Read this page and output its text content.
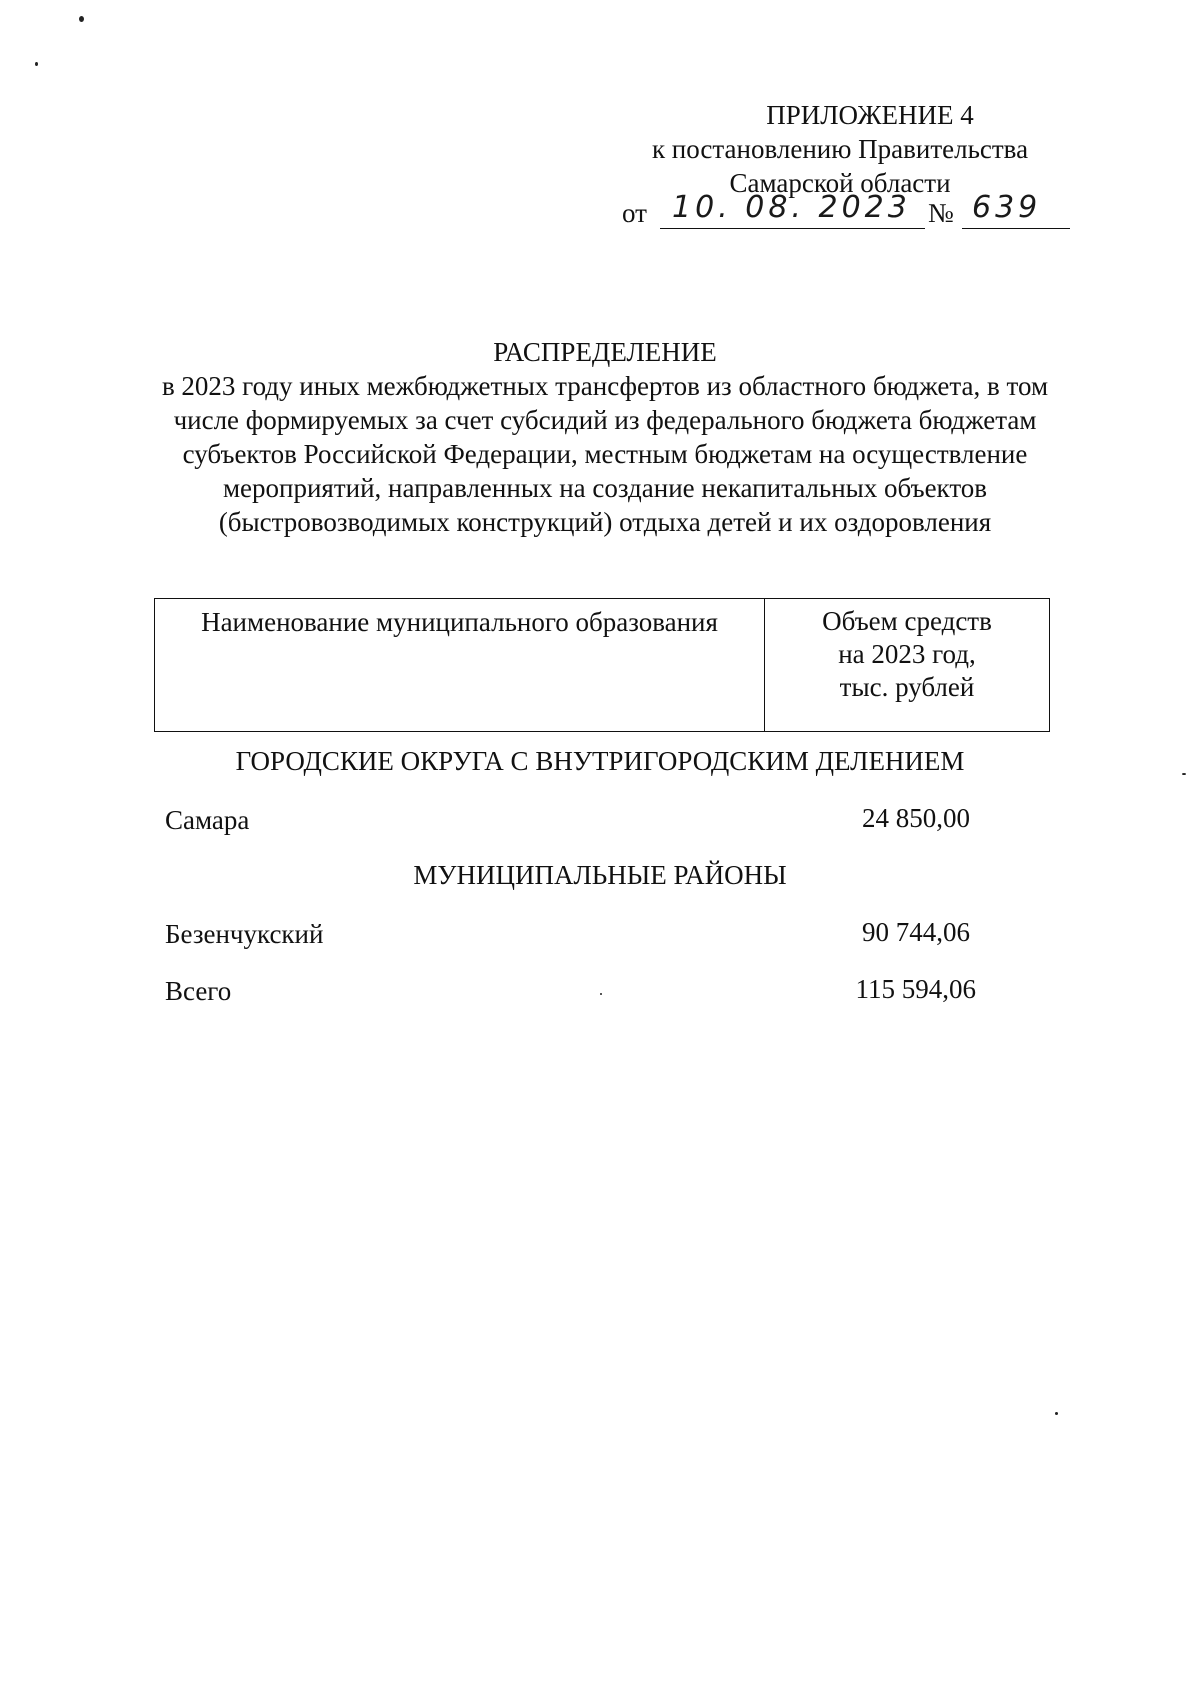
ПРИЛОЖЕНИЕ 4
к постановлению Правительства
Самарской области
от 10. 08. 2023 № 639
РАСПРЕДЕЛЕНИЕ
в 2023 году иных межбюджетных трансфертов из областного бюджета, в том числе формируемых за счет субсидий из федерального бюджета бюджетам субъектов Российской Федерации, местным бюджетам на осуществление мероприятий, направленных на создание некапитальных объектов (быстровозводимых конструкций) отдыха детей и их оздоровления
Наименование муниципального образования	Объем средств
на 2023 год,
тыс. рублей
ГОРОДСКИЕ ОКРУГА С ВНУТРИГОРОДСКИМ ДЕЛЕНИЕМ
Самара	24 850,00
МУНИЦИПАЛЬНЫЕ РАЙОНЫ
Безенчукский	90 744,06
Всего	115 594,06
